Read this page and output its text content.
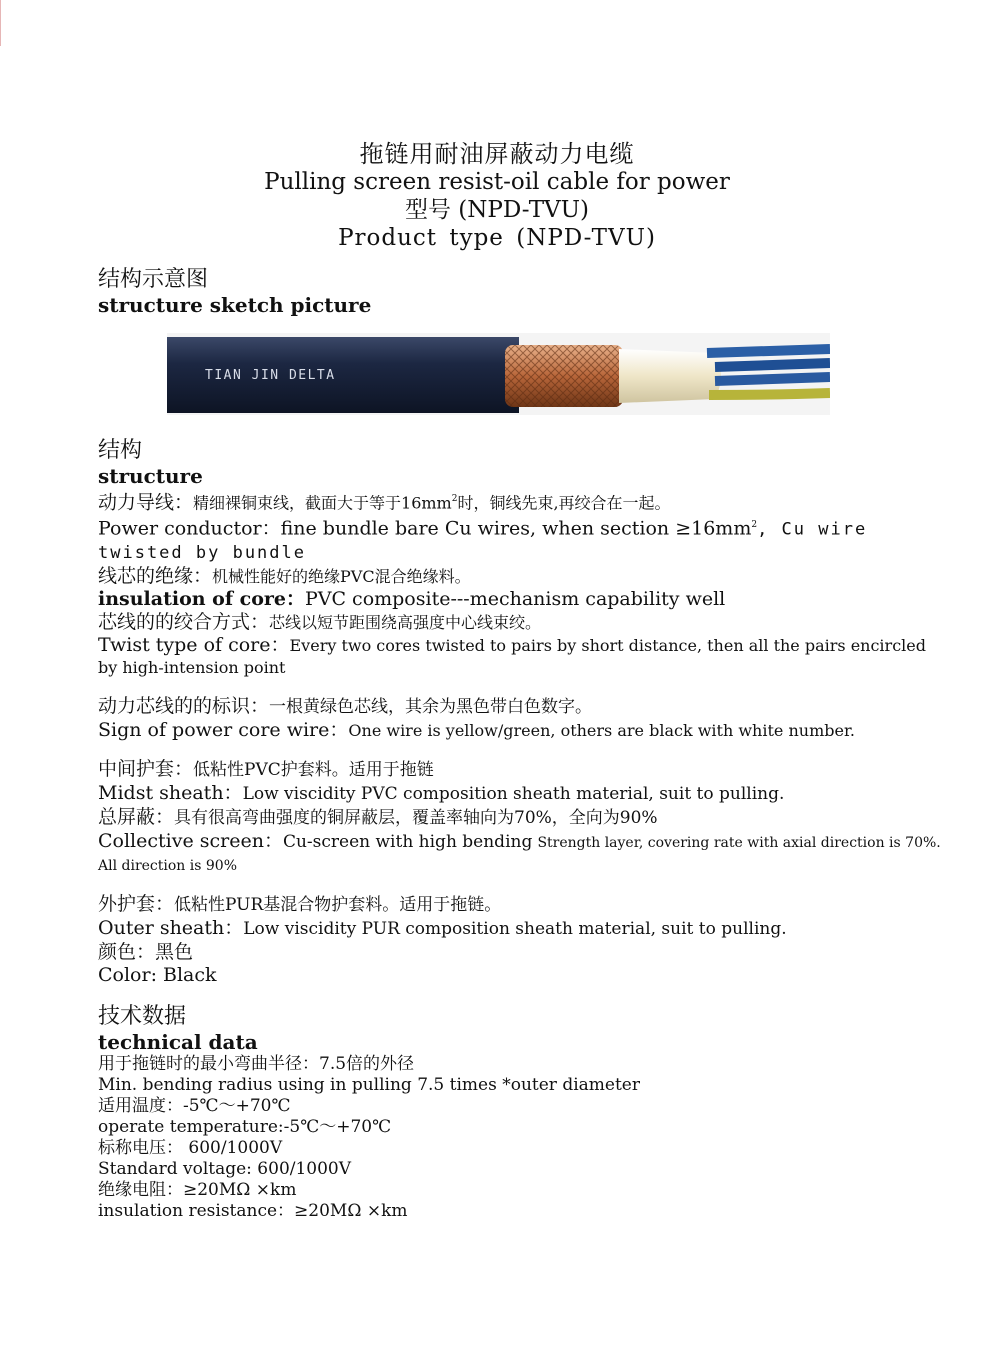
拖链用耐油屏蔽动力电缆
Pulling screen resist-oil cable for power
型号 (NPD-TVU)
Product type (NPD-TVU)
TIAN JIN DELTA
结构示意图
structure sketch picture
结构
structure
动力导线：精细裸铜束线，截面大于等于$16mm^2$时，铜线先束,再绞合在一起。
Power conductor：fine bundle bare Cu wires, when section $\ge 16mm^2$, Cu wire
twisted by bundle
线芯的绝缘：机械性能好的绝缘PVC混合绝缘料。
insulation of core：PVC composite---mechanism capability well
芯线的的绞合方式：芯线以短节距围绕高强度中心线束绞。
Twist type of core：Every two cores twisted to pairs by short distance, then all the pairs encircled by high-intension point
动力芯线的的标识：一根黄绿色芯线，其余为黑色带白色数字。
Sign of power core wire：One wire is yellow/green, others are black with white number.
中间护套：低粘性PVC护套料。适用于拖链
Midst sheath：Low viscidity PVC composition sheath material, suit to pulling.
总屏蔽：具有很高弯曲强度的铜屏蔽层，覆盖率轴向为70%，全向为90%
Collective screen：Cu-screen with high bending Strength layer, covering rate with axial direction is 70%. All direction is 90%
外护套：低粘性PUR基混合物护套料。适用于拖链。
Outer sheath：Low viscidity PUR composition sheath material, suit to pulling.
颜色：黑色
Color: Black
技术数据
technical data
用于拖链时的最小弯曲半径：7.5倍的外径
Min. bending radius using in pulling 7.5 times *outer diameter
适用温度：-5℃～+70℃
operate temperature:-5℃～+70℃
标称电压： 600/1000V
Standard voltage: 600/1000V
绝缘电阻：≥20MΩ ×km
insulation resistance：≥20MΩ ×km
